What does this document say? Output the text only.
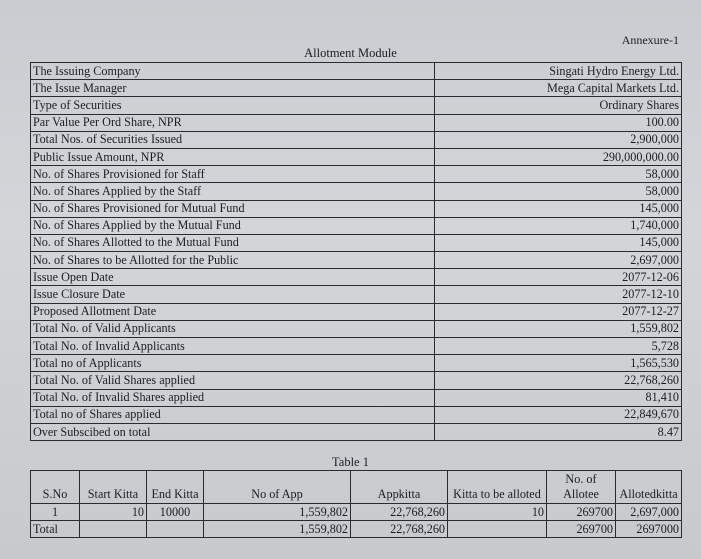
Annexure-1
Allotment Module
The Issuing Company	Singati Hydro Energy Ltd.
The Issue Manager	Mega Capital Markets Ltd.
Type of Securities	Ordinary Shares
Par Value Per Ord Share, NPR	100.00
Total Nos. of Securities Issued	2,900,000
Public Issue Amount, NPR	290,000,000.00
No. of Shares Provisioned for Staff	58,000
No. of Shares Applied by the Staff	58,000
No. of Shares Provisioned for Mutual Fund	145,000
No. of Shares Applied by the Mutual Fund	1,740,000
No. of Shares Allotted to the Mutual Fund	145,000
No. of Shares to be Allotted for the Public	2,697,000
Issue Open Date	2077-12-06
Issue Closure Date	2077-12-10
Proposed Allotment Date	2077-12-27
Total No. of Valid Applicants	1,559,802
Total No. of Invalid Applicants	5,728
Total no of Applicants	1,565,530
Total No. of Valid Shares applied	22,768,260
Total No. of Invalid Shares applied	81,410
Total no of Shares applied	22,849,670
Over Subscibed on total	8.47
Table 1
S.No	Start Kitta	End Kitta	No of App	Appkitta	Kitta to be alloted	No. of Allotee	Allotedkitta
1	10	10000	1,559,802	22,768,260	10	269700	2,697,000
Total			1,559,802	22,768,260		269700	2697000
